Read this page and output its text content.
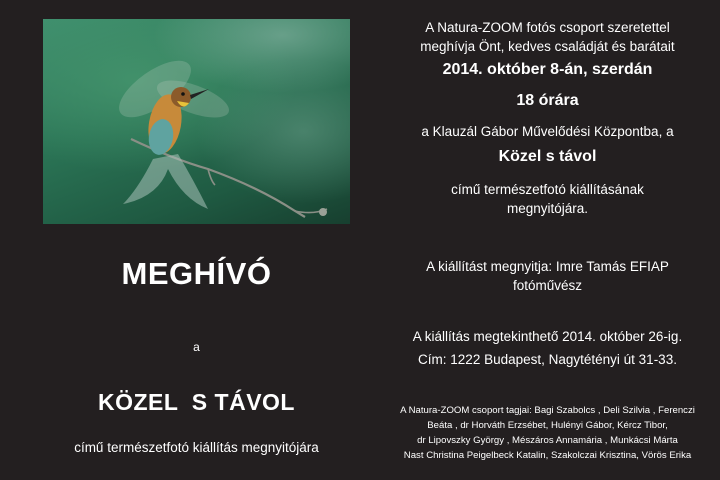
MEGHÍVÓ
a
KÖZEL  S TÁVOL
című természetfotó kiállítás megnyitójára
A Natura-ZOOM fotós csoport szeretettel
meghívja Önt, kedves családját és barátait
2014. október 8-án, szerdán
18 órára
a Klauzál Gábor Művelődési Központba, a
Közel s távol
című természetfotó kiállításának
megnyitójára.
A kiállítást megnyitja: Imre Tamás EFIAP
fotóművész
A kiállítás megtekinthető 2014. október 26-ig.
Cím: 1222 Budapest, Nagytétényi út 31-33.
A Natura-ZOOM csoport tagjai: Bagi Szabolcs , Deli Szilvia , Ferenczi
Beáta , dr Horváth Erzsébet, Hulényi Gábor, Kércz Tibor,
dr Lipovszky György , Mészáros Annamária , Munkácsi Márta
Nast Christina Peigelbeck Katalin, Szakolczai Krisztina, Vörös Erika
